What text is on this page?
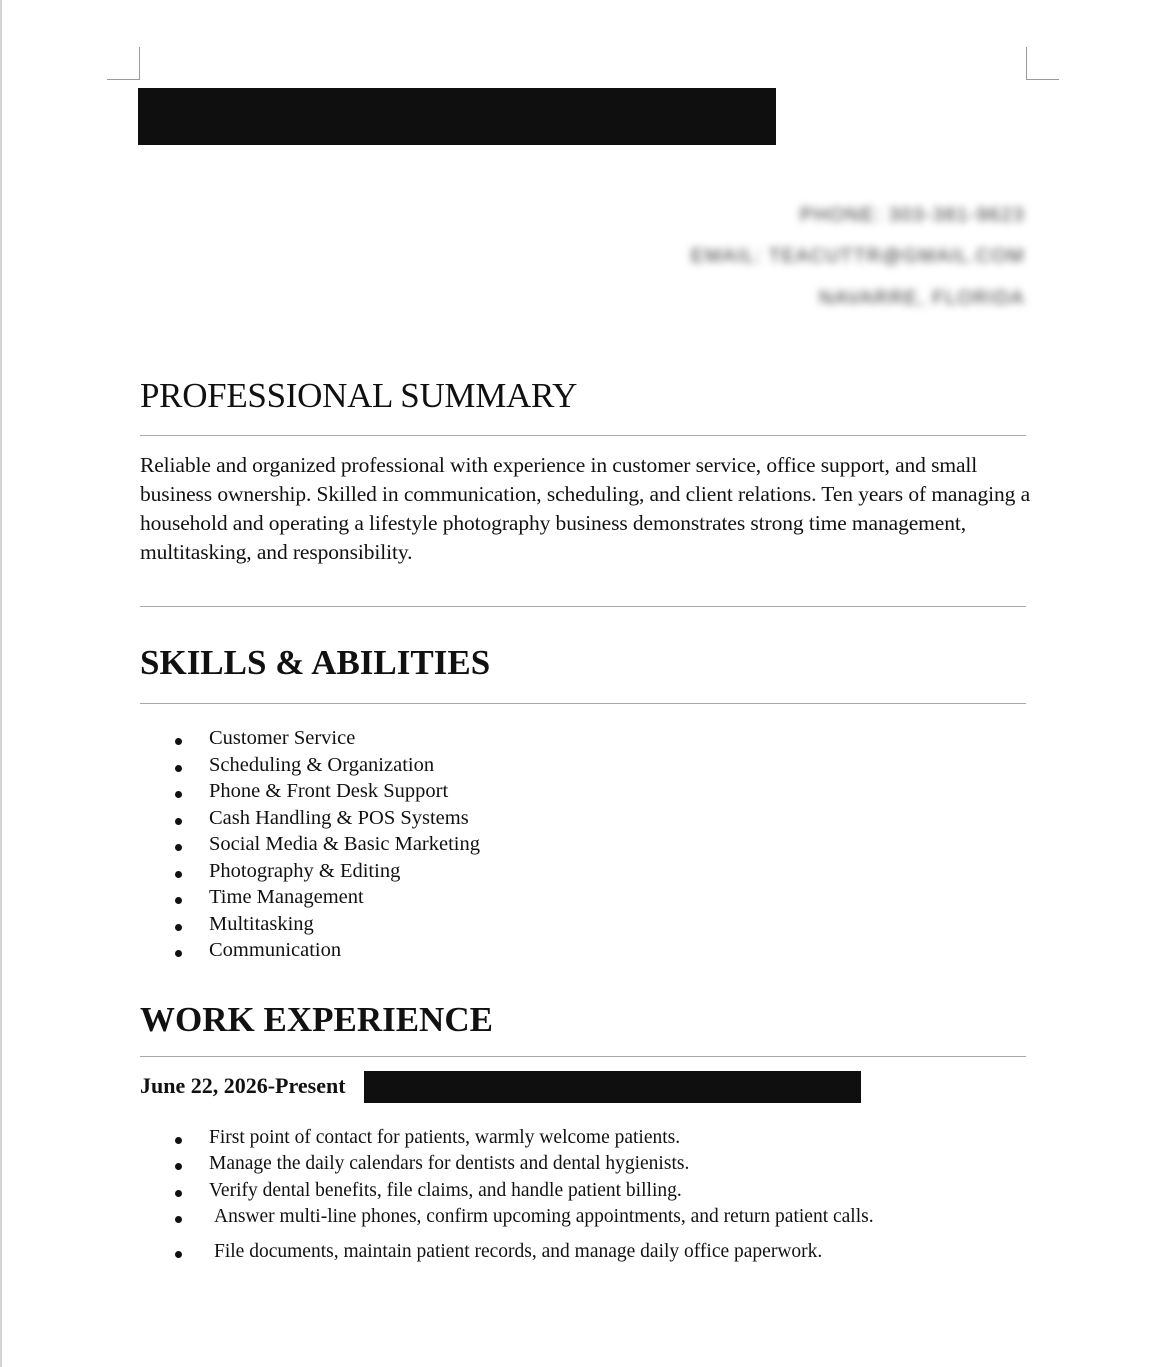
PHONE: 303-381-9623
EMAIL: TEACUTTR@GMAIL.COM
NAVARRE, FLORIDA
PROFESSIONAL SUMMARY

Reliable and organized professional with experience in customer service, office support, and small business ownership. Skilled in communication, scheduling, and client relations. Ten years of managing a household and operating a lifestyle photography business demonstrates strong time management, multitasking, and responsibility.

SKILLS & ABILITIES
Customer Service
Scheduling & Organization
Phone & Front Desk Support
Cash Handling & POS Systems
Social Media & Basic Marketing
Photography & Editing
Time Management
Multitasking
Communication
WORK EXPERIENCE

June 22, 2026-Present

First point of contact for patients, warmly welcome patients.
Manage the daily calendars for dentists and dental hygienists.
Verify dental benefits, file claims, and handle patient billing.
Answer multi-line phones, confirm upcoming appointments, and return patient calls.
File documents, maintain patient records, and manage daily office paperwork.
